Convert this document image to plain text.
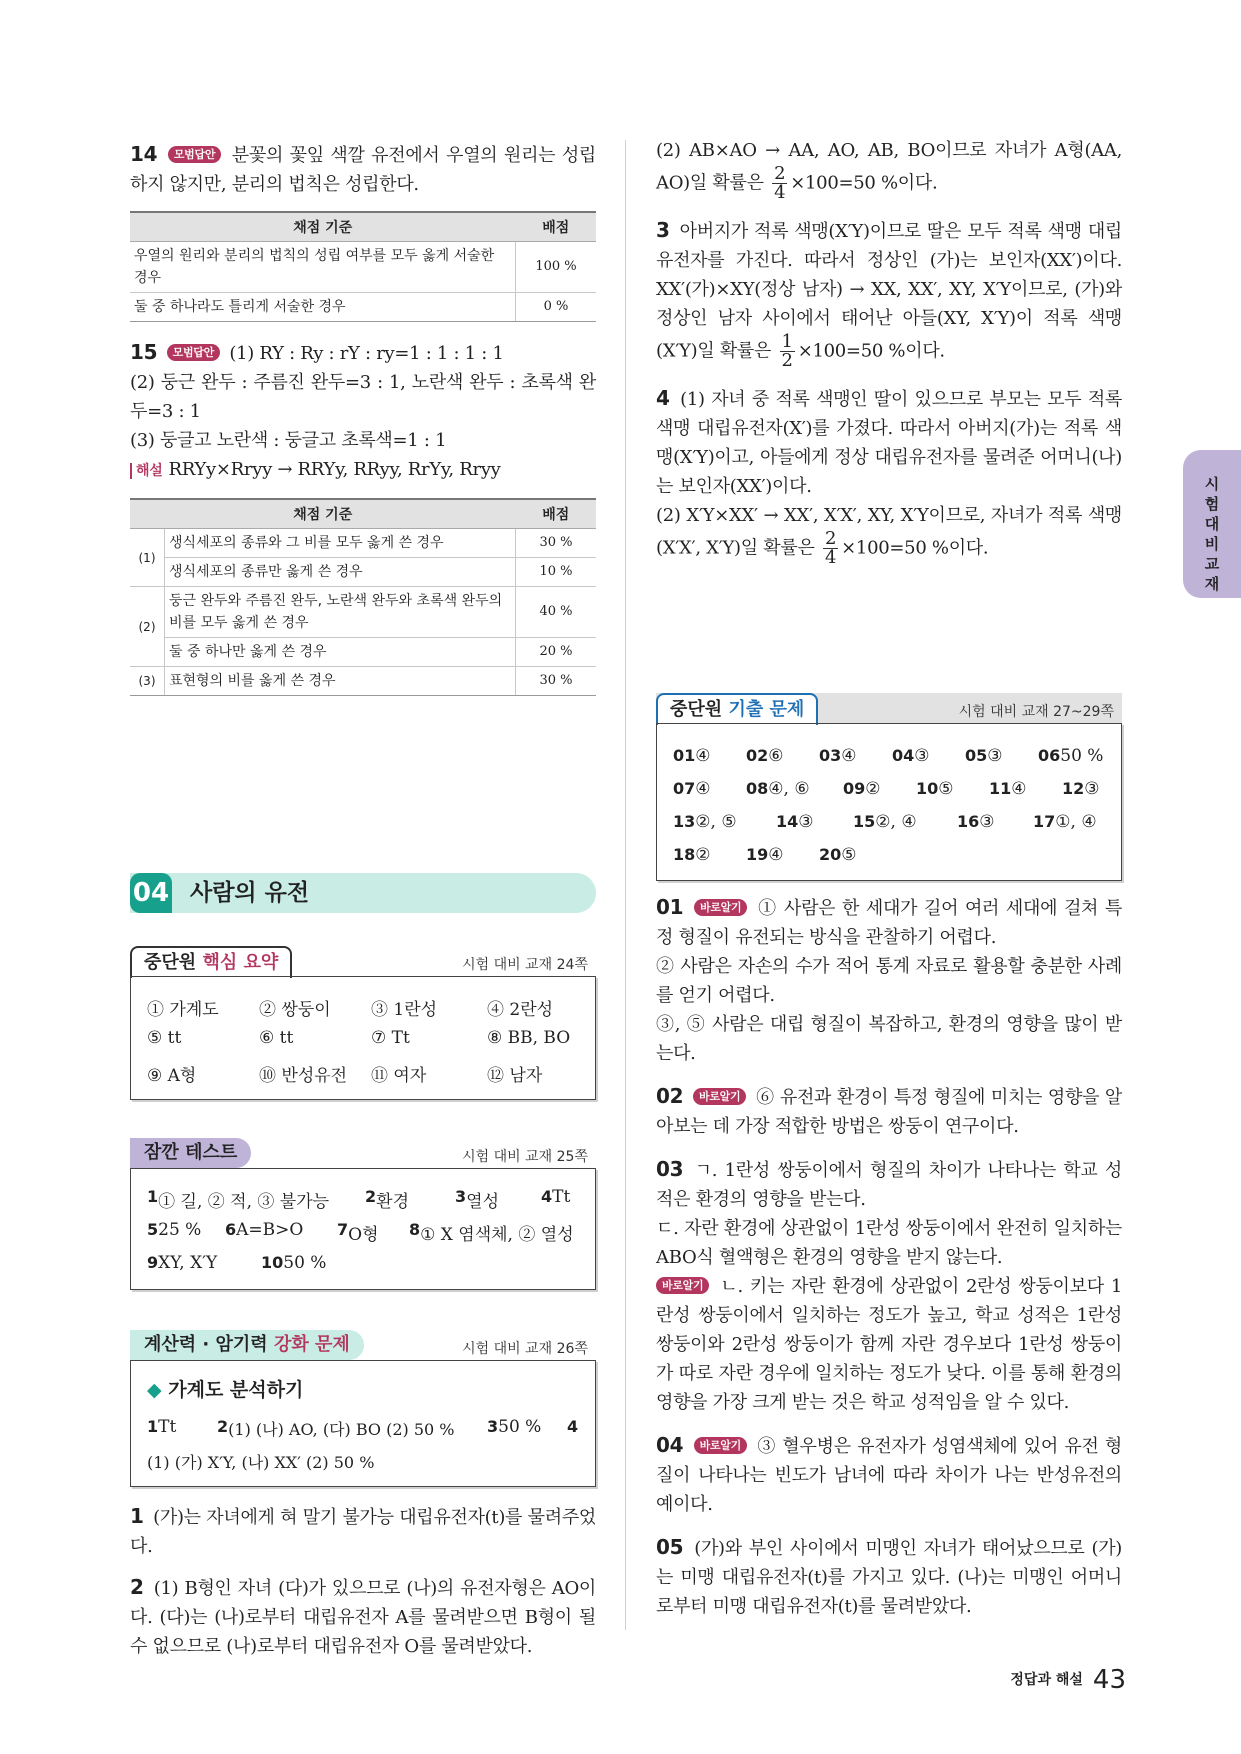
14 모범답안 분꽃의 꽃잎 색깔 유전에서 우열의 원리는 성립하지 않지만, 분리의 법칙은 성립한다.

채점 기준	배점
우열의 원리와 분리의 법칙의 성립 여부를 모두 옳게 서술한 경우	100 %
둘 중 하나라도 틀리게 서술한 경우	0 %

15 모범답안 (1) RY : Ry : rY : ry=1 : 1 : 1 : 1
(2) 둥근 완두 : 주름진 완두=3 : 1, 노란색 완두 : 초록색 완두=3 : 1
(3) 둥글고 노란색 : 둥글고 초록색=1 : 1
해설 RRYy×Rryy → RRYy, RRyy, RrYy, Rryy

채점 기준		배점
(1)	생식세포의 종류와 그 비를 모두 옳게 쓴 경우	30 %
	생식세포의 종류만 옳게 쓴 경우	10 %
(2)	둥근 완두와 주름진 완두, 노란색 완두와 초록색 완두의 비를 모두 옳게 쓴 경우	40 %
	둘 중 하나만 옳게 쓴 경우	20 %
(3)	표현형의 비를 옳게 쓴 경우	30 %
04 사람의 유전
중단원 핵심 요약	시험 대비 교재 24쪽
① 가계도 ② 쌍둥이 ③ 1란성	④ 2란성
⑤ tt	⑥ tt	⑦ Tt	⑧ BB, BO
⑨ A형	⑩ 반성유전 ⑪ 여자	⑫ 남자
잠깐 테스트	시험 대비 교재 25쪽
1 ① 길, ② 적, ③ 불가능 2 환경	3 열성	4 Tt
5 25 % 6 A=B>O 7 O형 8 ① X 염색체, ② 열성
9 XY, X′Y	10 50 %
계산력 · 암기력 강화 문제	시험 대비 교재 26쪽
◆ 가계도 분석하기
1 Tt	2 (1) (나) AO, (다) BO (2) 50 % 3 50 % 4
(1) (가) X′Y, (나) XX′ (2) 50 %

1 (가)는 자녀에게 혀 말기 불가능 대립유전자(t)를 물려주었다.

2 (1) B형인 자녀 (다)가 있으므로 (나)의 유전자형은 AO이다. (다)는 (나)로부터 대립유전자 A를 물려받으면 B형이 될 수 없으므로 (나)로부터 대립유전자 O를 물려받았다.

(2) AB×AO → AA, AO, AB, BO이므로 자녀가 A형(AA, AO)일 확률은 $\frac{2}{4} \times 100=50$ %이다.

3 아버지가 적록 색맹(X′Y)이므로 딸은 모두 적록 색맹 대립유전자를 가진다. 따라서 정상인 (가)는 보인자(XX′)이다. XX′(가)×XY(정상 남자) → XX, XX′, XY, X′Y이므로, (가)와 정상인 남자 사이에서 태어난 아들(XY, X′Y)이 적록 색맹(X′Y)일 확률은 $\frac{1}{2} \times 100=50$ %이다.

4 (1) 자녀 중 적록 색맹인 딸이 있으므로 부모는 모두 적록 색맹 대립유전자(X′)를 가졌다. 따라서 아버지(가)는 적록 색맹(X′Y)이고, 아들에게 정상 대립유전자를 물려준 어머니(나)는 보인자(XX′)이다.
(2) X′Y×XX′ → XX′, X′X′, XY, X′Y이므로, 자녀가 적록 색맹(X′X′, X′Y)일 확률은 $\frac{2}{4} \times 100=50$ %이다.

중단원 기출 문제	시험 대비 교재 27~29쪽
01 ④ 02 ⑥ 03 ④ 04 ③ 05 ③ 06 50 %
07 ④ 08 ④, ⑥ 09 ② 10 ⑤ 11 ④ 12 ③
13 ②, ⑤ 14 ③ 15 ②, ④	16 ③ 17 ①, ④
18 ② 19 ④ 20 ⑤

01 바로알기 ① 사람은 한 세대가 길어 여러 세대에 걸쳐 특정 형질이 유전되는 방식을 관찰하기 어렵다.
② 사람은 자손의 수가 적어 통계 자료로 활용할 충분한 사례를 얻기 어렵다.
③, ⑤ 사람은 대립 형질이 복잡하고, 환경의 영향을 많이 받는다.

02 바로알기 ⑥ 유전과 환경이 특정 형질에 미치는 영향을 알아보는 데 가장 적합한 방법은 쌍둥이 연구이다.

03 ㄱ. 1란성 쌍둥이에서 형질의 차이가 나타나는 학교 성적은 환경의 영향을 받는다.
ㄷ. 자란 환경에 상관없이 1란성 쌍둥이에서 완전히 일치하는 ABO식 혈액형은 환경의 영향을 받지 않는다.
바로알기 ㄴ. 키는 자란 환경에 상관없이 2란성 쌍둥이보다 1란성 쌍둥이에서 일치하는 정도가 높고, 학교 성적은 1란성 쌍둥이와 2란성 쌍둥이가 함께 자란 경우보다 1란성 쌍둥이가 따로 자란 경우에 일치하는 정도가 낮다. 이를 통해 환경의 영향을 가장 크게 받는 것은 학교 성적임을 알 수 있다.

04 바로알기 ③ 혈우병은 유전자가 성염색체에 있어 유전 형질이 나타나는 빈도가 남녀에 따라 차이가 나는 반성유전의 예이다.

05 (가)와 부인 사이에서 미맹인 자녀가 태어났으므로 (가)는 미맹 대립유전자(t)를 가지고 있다. (나)는 미맹인 어머니로부터 미맹 대립유전자(t)를 물려받았다.

시험 대비 교재
정답과 해설 43
